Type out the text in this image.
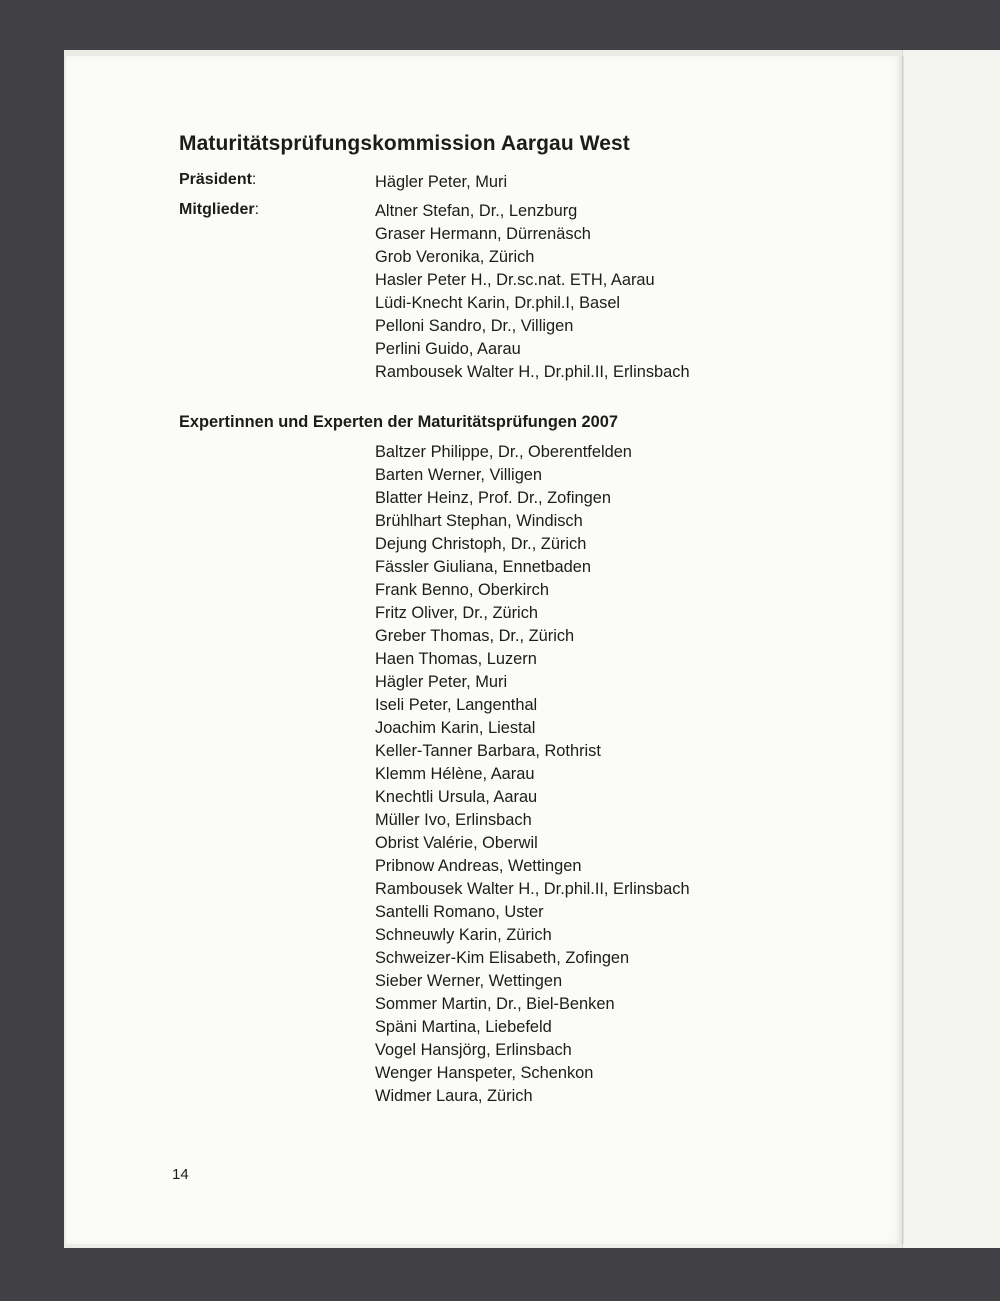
Maturitätsprüfungskommission Aargau West
Präsident:	Hägler Peter, Muri
Mitglieder:	Altner Stefan, Dr., Lenzburg
Graser Hermann, Dürrenäsch
Grob Veronika, Zürich
Hasler Peter H., Dr.sc.nat. ETH, Aarau
Lüdi-Knecht Karin, Dr.phil.I, Basel
Pelloni Sandro, Dr., Villigen
Perlini Guido, Aarau
Rambousek Walter H., Dr.phil.II, Erlinsbach
Expertinnen und Experten der Maturitätsprüfungen 2007
Baltzer Philippe, Dr., Oberentfelden
Barten Werner, Villigen
Blatter Heinz, Prof. Dr., Zofingen
Brühlhart Stephan, Windisch
Dejung Christoph, Dr., Zürich
Fässler Giuliana, Ennetbaden
Frank Benno, Oberkirch
Fritz Oliver, Dr., Zürich
Greber Thomas, Dr., Zürich
Haen Thomas, Luzern
Hägler Peter, Muri
Iseli Peter, Langenthal
Joachim Karin, Liestal
Keller-Tanner Barbara, Rothrist
Klemm Hélène, Aarau
Knechtli Ursula, Aarau
Müller Ivo, Erlinsbach
Obrist Valérie, Oberwil
Pribnow Andreas, Wettingen
Rambousek Walter H., Dr.phil.II, Erlinsbach
Santelli Romano, Uster
Schneuwly Karin, Zürich
Schweizer-Kim Elisabeth, Zofingen
Sieber Werner, Wettingen
Sommer Martin, Dr., Biel-Benken
Späni Martina, Liebefeld
Vogel Hansjörg, Erlinsbach
Wenger Hanspeter, Schenkon
Widmer Laura, Zürich
14
